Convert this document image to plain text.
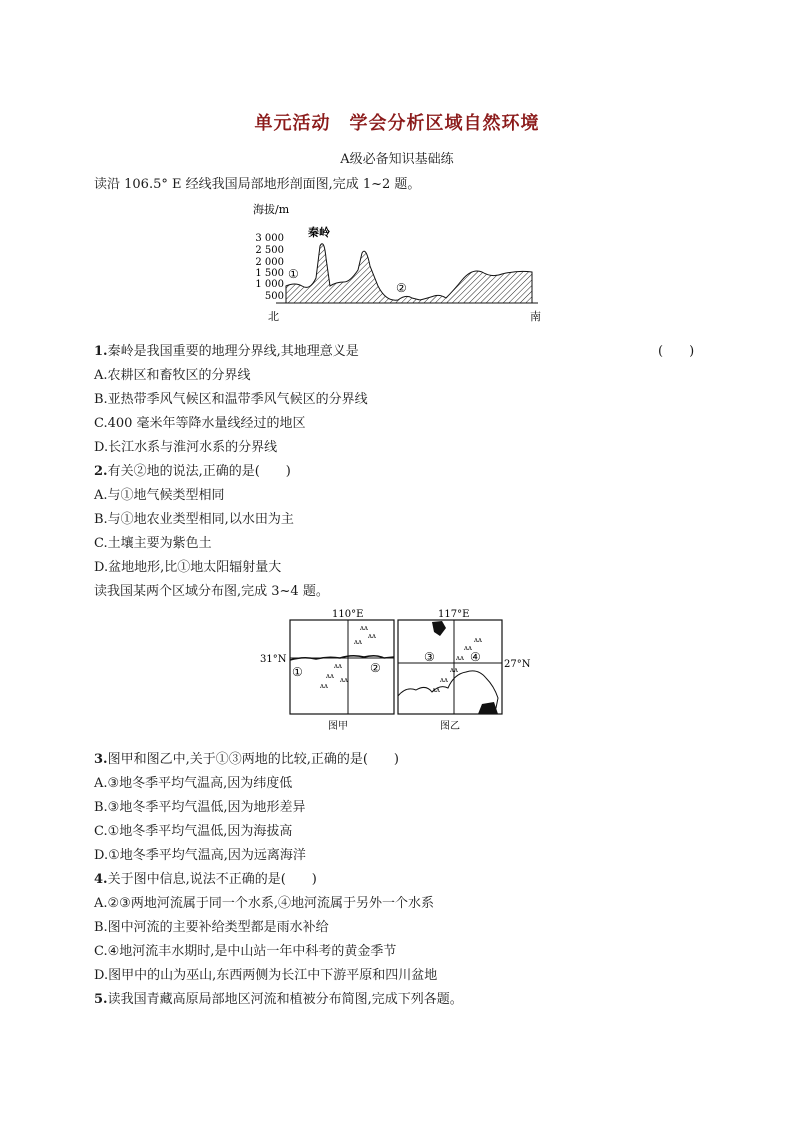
单元活动　学会分析区域自然环境
A级必备知识基础练
读沿 106.5° E 经线我国局部地形剖面图,完成 1~2 题。
海拔/m
3 000
2 500
2 000
1 500
1 000
500
秦岭
①
②
北	南
1.秦岭是我国重要的地理分界线,其地理意义是	(　　)
A.农耕区和畜牧区的分界线
B.亚热带季风气候区和温带季风气候区的分界线
C.400 毫米年等降水量线经过的地区
D.长江水系与淮河水系的分界线
2.有关②地的说法,正确的是(　　)
A.与①地气候类型相同
B.与①地农业类型相同,以水田为主
C.土壤主要为紫色土
D.盆地地形,比①地太阳辐射量大
读我国某两个区域分布图,完成 3~4 题。
ʌʌ
ʌʌ
ʌʌ
ʌʌ
ʌʌ
ʌʌ
ʌʌ
110°E
31°N
①	②
图甲
ʌʌ
ʌʌ
ʌʌ
ʌʌ
ʌʌ
ʌʌ
117°E
27°N
③	④
图乙
3.图甲和图乙中,关于①③两地的比较,正确的是(　　)
A.③地冬季平均气温高,因为纬度低
B.③地冬季平均气温低,因为地形差异
C.①地冬季平均气温低,因为海拔高
D.①地冬季平均气温高,因为远离海洋
4.关于图中信息,说法不正确的是(　　)
A.②③两地河流属于同一个水系,④地河流属于另外一个水系
B.图中河流的主要补给类型都是雨水补给
C.④地河流丰水期时,是中山站一年中科考的黄金季节
D.图甲中的山为巫山,东西两侧为长江中下游平原和四川盆地
5.读我国青藏高原局部地区河流和植被分布简图,完成下列各题。
